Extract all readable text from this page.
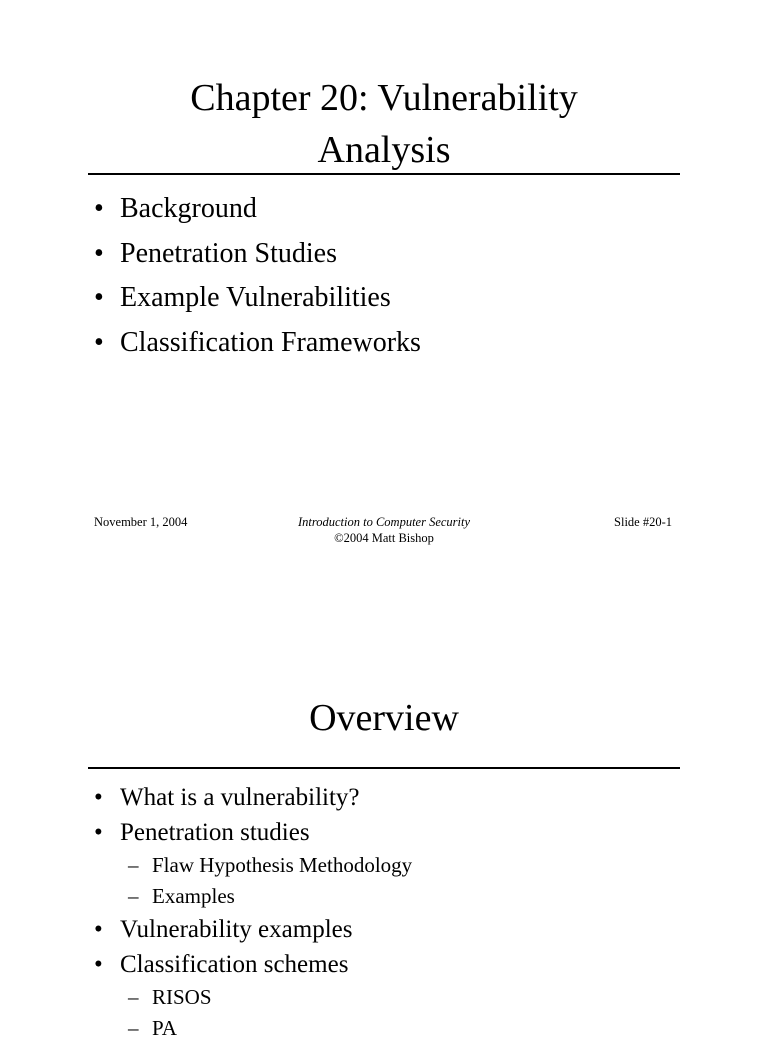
Chapter 20: Vulnerability
Analysis
• Background
• Penetration Studies
• Example Vulnerabilities
• Classification Frameworks
November 1, 2004	Introduction to Computer Security
©2004 Matt Bishop
Slide #20-1
Overview
• What is a vulnerability?
• Penetration studies
– Flaw Hypothesis Methodology
– Examples
• Vulnerability examples
• Classification schemes
– RISOS
– PA
